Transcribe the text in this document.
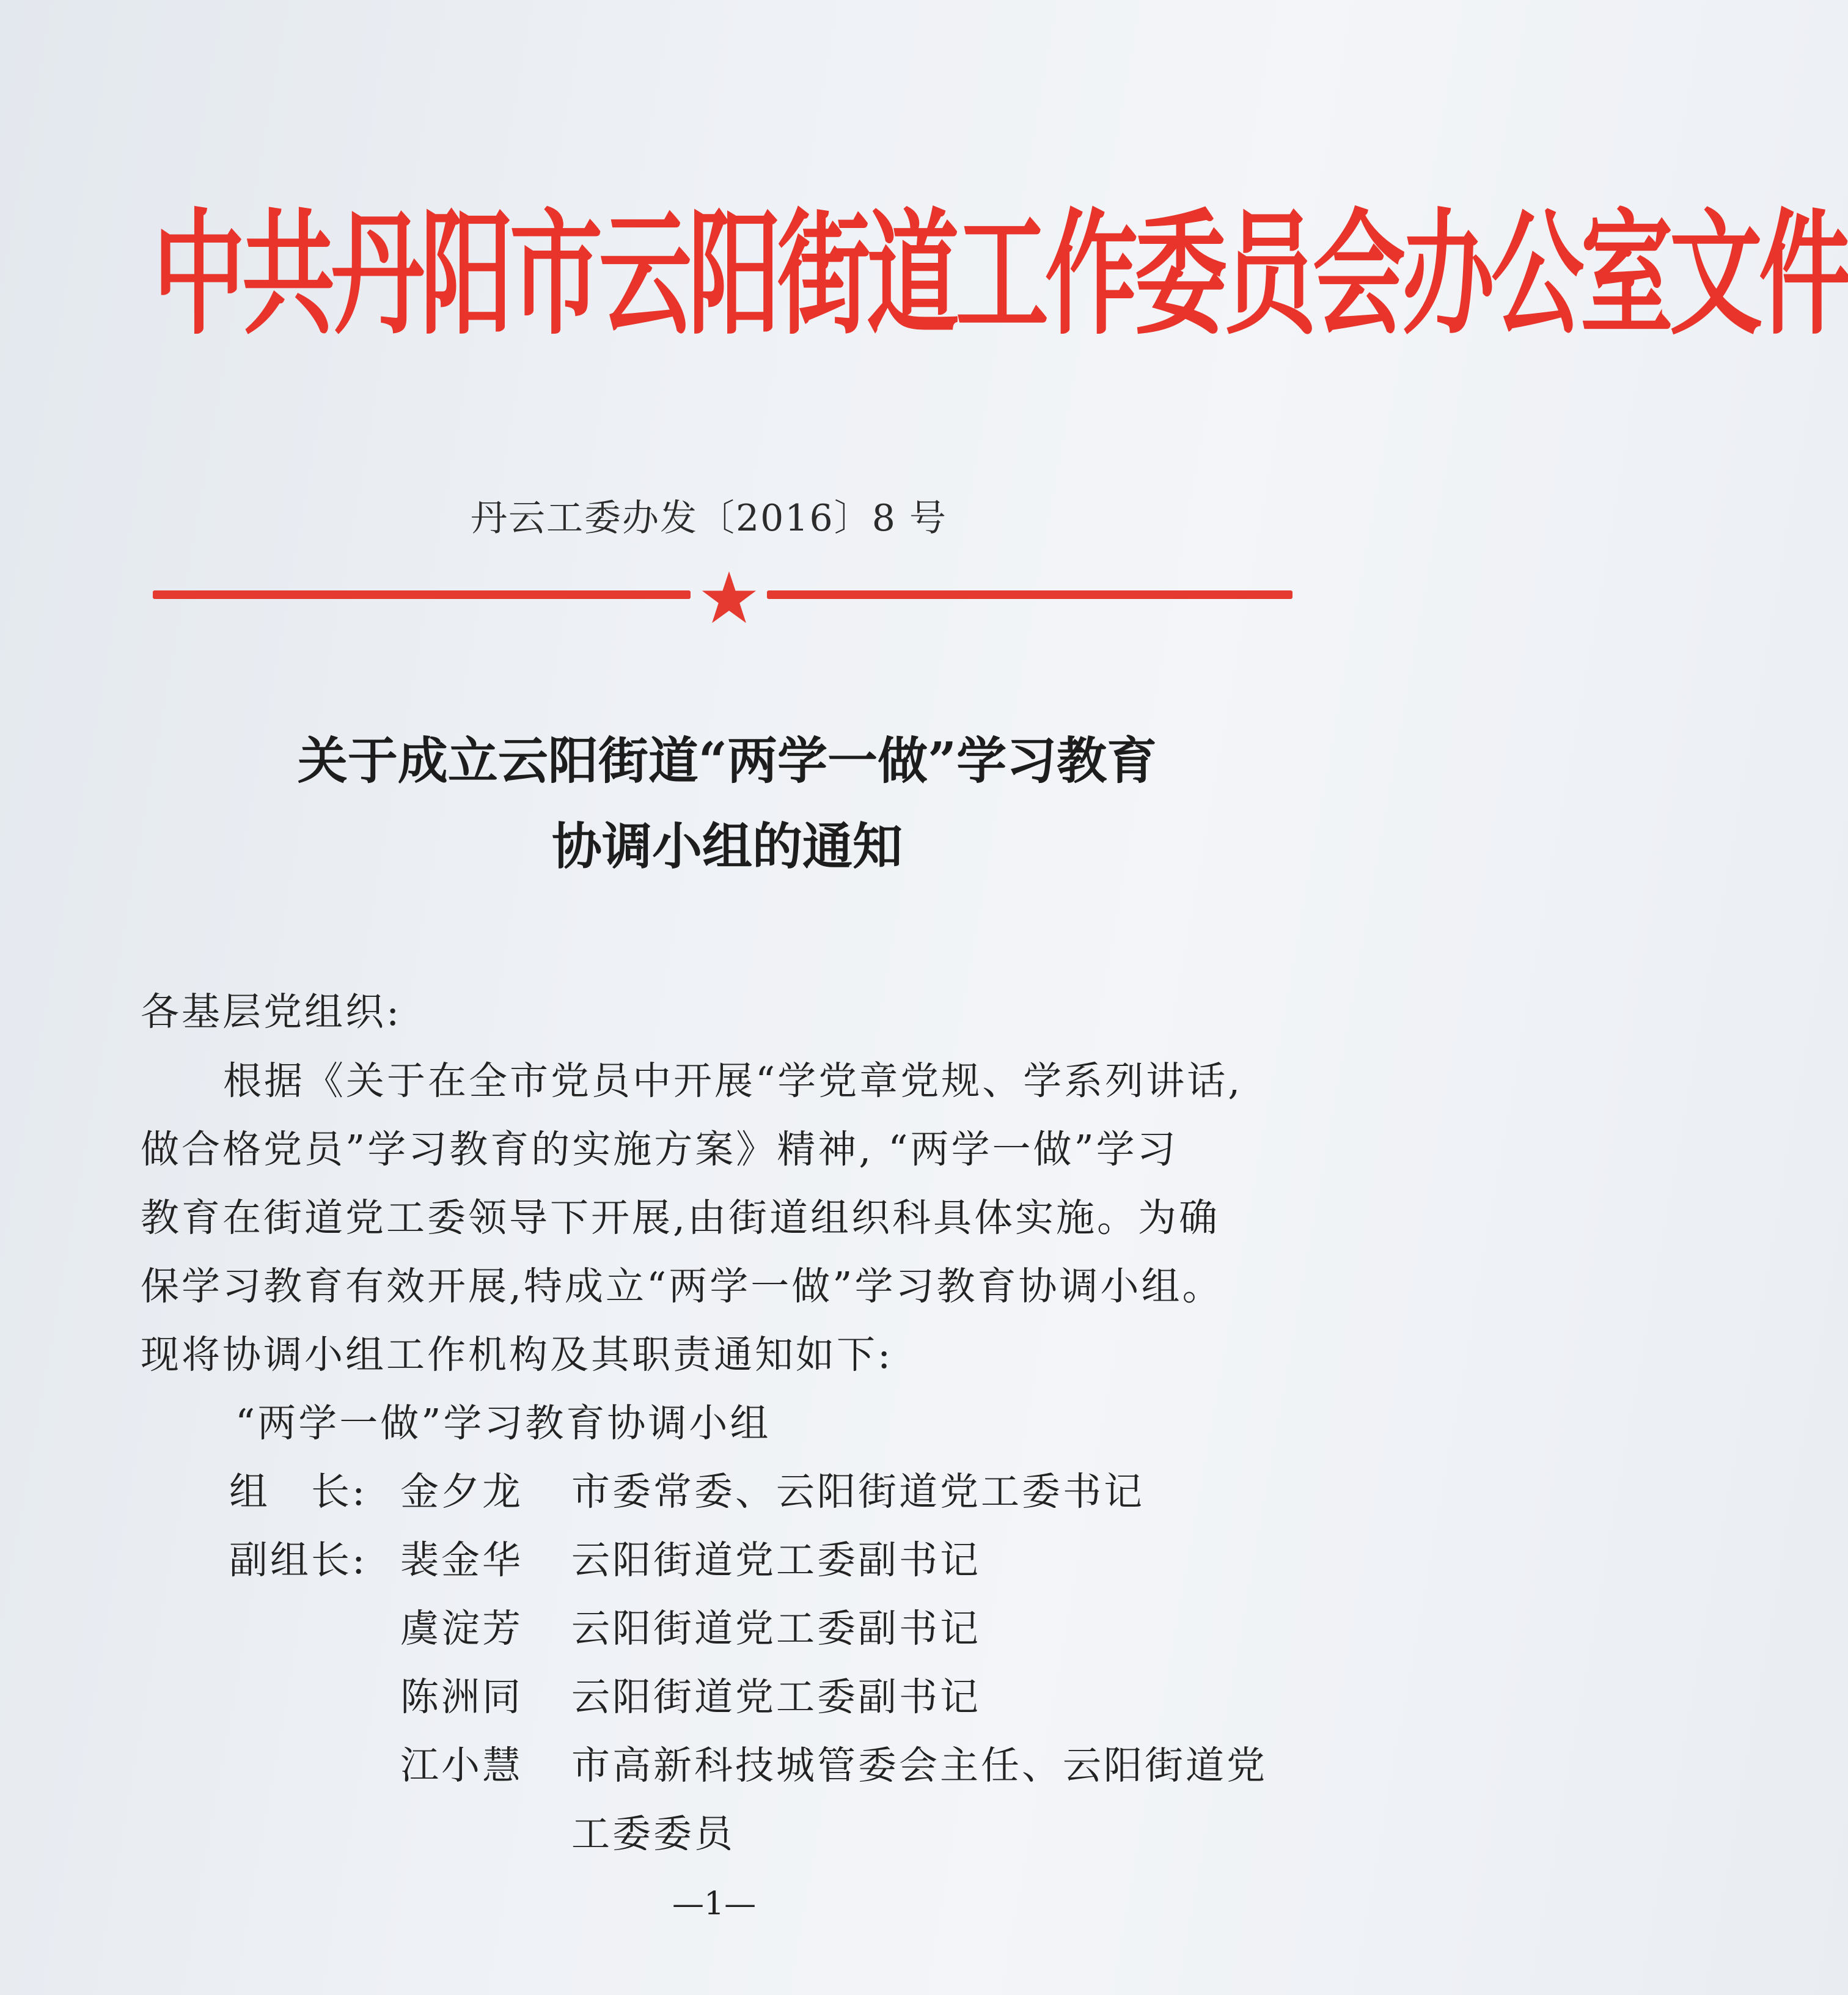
中共丹阳市云阳街道工作委员会办公室文件
丹云工委办发〔2016〕8 号
关于成立云阳街道“两学一做”学习教育
协调小组的通知
各基层党组织:
根据《关于在全市党员中开展“学党章党规、学系列讲话,
做合格党员”学习教育的实施方案》精神, “两学一做”学习
教育在街道党工委领导下开展,由街道组织科具体实施。为确
保学习教育有效开展,特成立“两学一做”学习教育协调小组。
现将协调小组工作机构及其职责通知如下:
“两学一做”学习教育协调小组
组　长: 金夕龙 市委常委、云阳街道党工委书记
副组长: 裴金华 云阳街道党工委副书记
虞淀芳 云阳街道党工委副书记
陈洲同 云阳街道党工委副书记
江小慧 市高新科技城管委会主任、云阳街道党
工委委员
—1—
